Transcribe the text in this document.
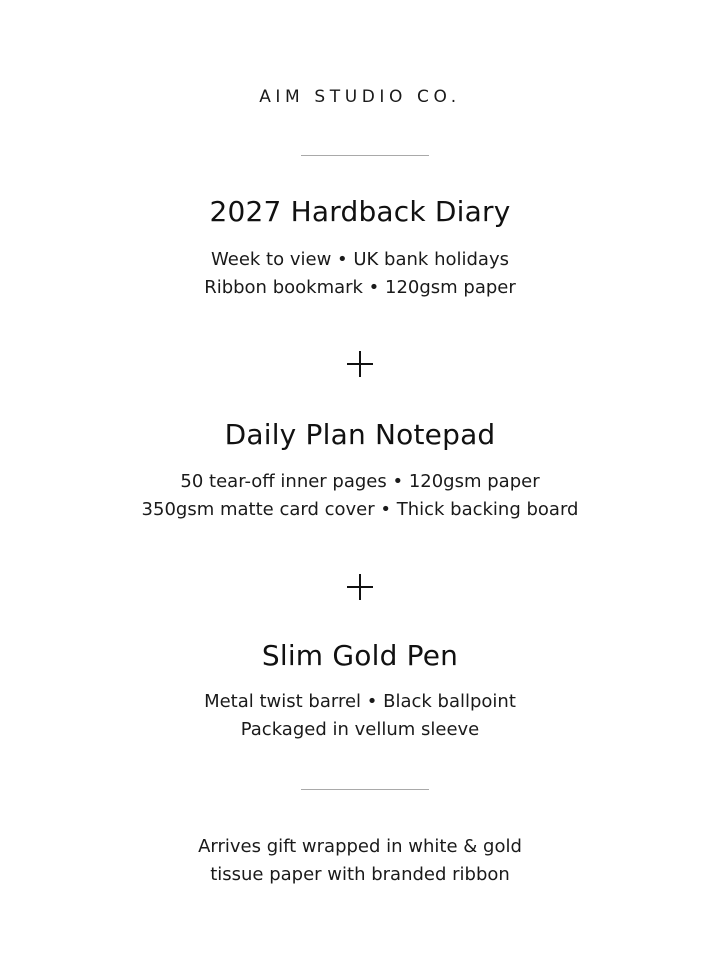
AIM STUDIO CO.
2027 Hardback Diary
Week to view • UK bank holidays
Ribbon bookmark • 120gsm paper
Daily Plan Notepad
50 tear-off inner pages • 120gsm paper
350gsm matte card cover • Thick backing board
Slim Gold Pen
Metal twist barrel • Black ballpoint
Packaged in vellum sleeve
Arrives gift wrapped in white & gold
tissue paper with branded ribbon
